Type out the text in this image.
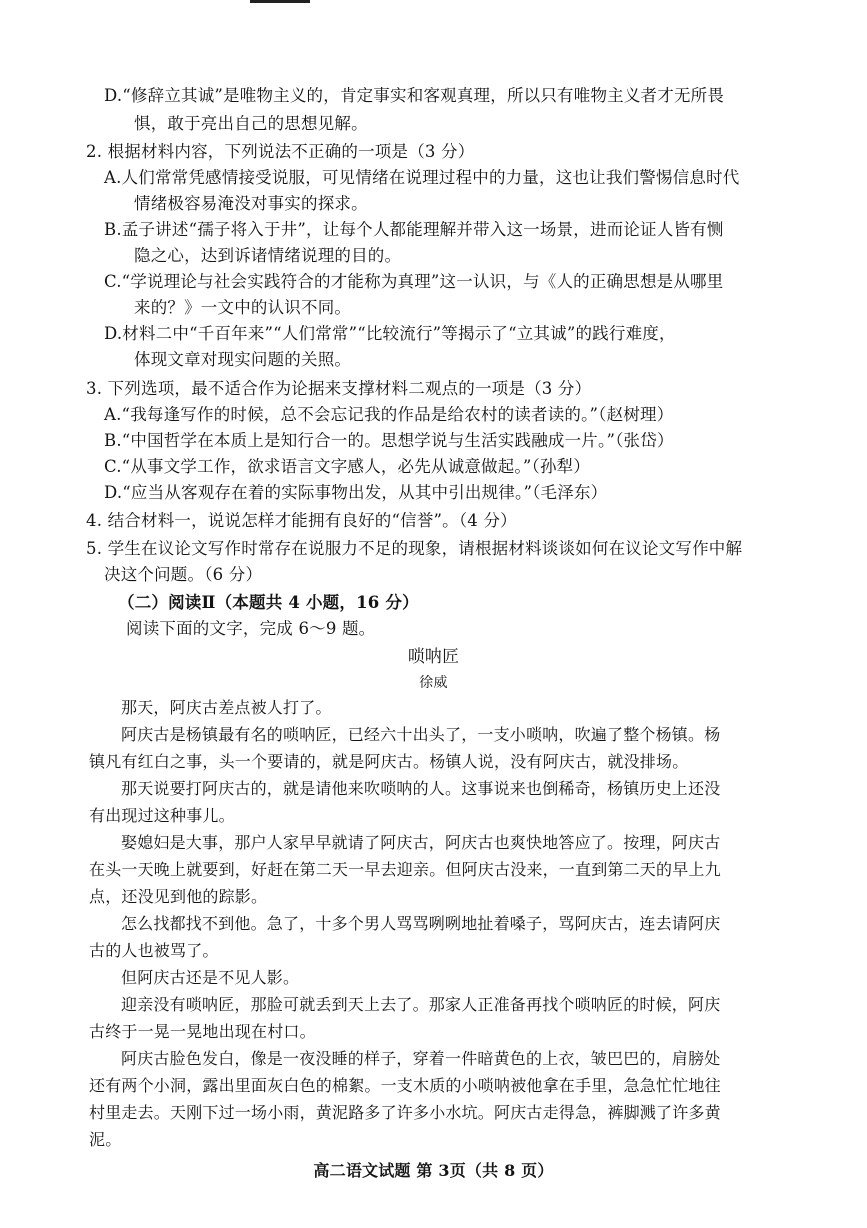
D.“修辞立其诚”是唯物主义的，肯定事实和客观真理，所以只有唯物主义者才无所畏
惧，敢于亮出自己的思想见解。
2. 根据材料内容，下列说法不正确的一项是（3 分）
A.人们常常凭感情接受说服，可见情绪在说理过程中的力量，这也让我们警惕信息时代
情绪极容易淹没对事实的探求。
B.孟子讲述“孺子将入于井”，让每个人都能理解并带入这一场景，进而论证人皆有恻
隐之心，达到诉诸情绪说理的目的。
C.“学说理论与社会实践符合的才能称为真理”这一认识，与《人的正确思想是从哪里
来的？》一文中的认识不同。
D.材料二中“千百年来”“人们常常”“比较流行”等揭示了“立其诚”的践行难度，
体现文章对现实问题的关照。
3. 下列选项，最不适合作为论据来支撑材料二观点的一项是（3 分）
A.“我每逢写作的时候，总不会忘记我的作品是给农村的读者读的。”（赵树理）
B.“中国哲学在本质上是知行合一的。思想学说与生活实践融成一片。”（张岱）
C.“从事文学工作，欲求语言文字感人，必先从诚意做起。”（孙犁）
D.“应当从客观存在着的实际事物出发，从其中引出规律。”（毛泽东）
4. 结合材料一，说说怎样才能拥有良好的“信誉”。（4 分）
5. 学生在议论文写作时常存在说服力不足的现象，请根据材料谈谈如何在议论文写作中解
决这个问题。（6 分）
（二）阅读Ⅱ（本题共 4 小题，16 分）
阅读下面的文字，完成 6～9 题。
唢呐匠
徐威
那天，阿庆古差点被人打了。
阿庆古是杨镇最有名的唢呐匠，已经六十出头了，一支小唢呐，吹遍了整个杨镇。杨
镇凡有红白之事，头一个要请的，就是阿庆古。杨镇人说，没有阿庆古，就没排场。
那天说要打阿庆古的，就是请他来吹唢呐的人。这事说来也倒稀奇，杨镇历史上还没
有出现过这种事儿。
娶媳妇是大事，那户人家早早就请了阿庆古，阿庆古也爽快地答应了。按理，阿庆古
在头一天晚上就要到，好赶在第二天一早去迎亲。但阿庆古没来，一直到第二天的早上九
点，还没见到他的踪影。
怎么找都找不到他。急了，十多个男人骂骂咧咧地扯着嗓子，骂阿庆古，连去请阿庆
古的人也被骂了。
但阿庆古还是不见人影。
迎亲没有唢呐匠，那脸可就丢到天上去了。那家人正准备再找个唢呐匠的时候，阿庆
古终于一晃一晃地出现在村口。
阿庆古脸色发白，像是一夜没睡的样子，穿着一件暗黄色的上衣，皱巴巴的，肩膀处
还有两个小洞，露出里面灰白色的棉絮。一支木质的小唢呐被他拿在手里，急急忙忙地往
村里走去。天刚下过一场小雨，黄泥路多了许多小水坑。阿庆古走得急，裤脚溅了许多黄
泥。
高二语文试题 第 3页（共 8 页）
